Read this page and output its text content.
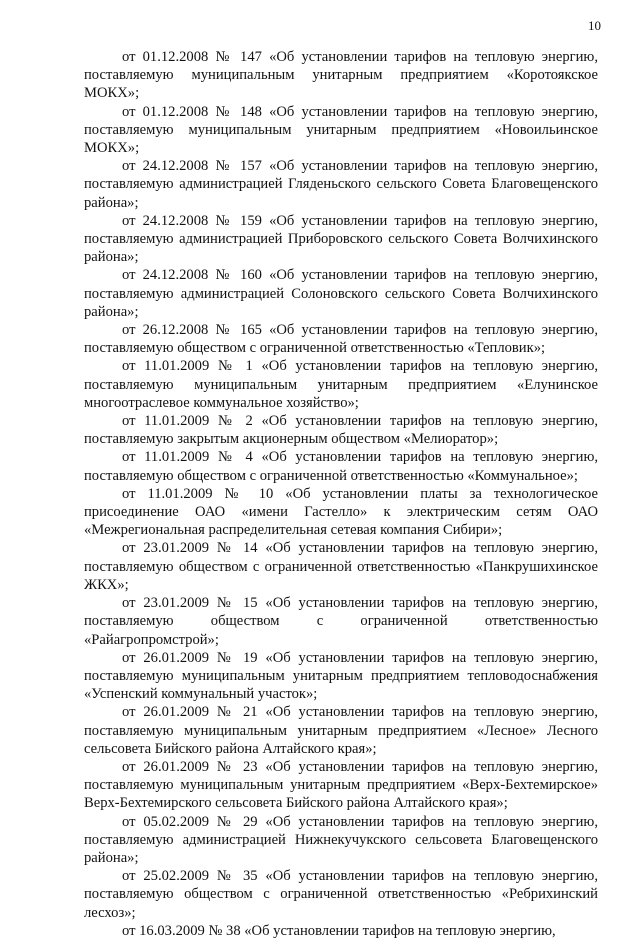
10

от 01.12.2008 № 147 «Об установлении тарифов на тепловую энергию, поставляемую муниципальным унитарным предприятием «Коротоякское МОКХ»;

от 01.12.2008 № 148 «Об установлении тарифов на тепловую энергию, поставляемую муниципальным унитарным предприятием «Новоильинское МОКХ»;

от 24.12.2008 № 157 «Об установлении тарифов на тепловую энергию, поставляемую администрацией Гляденьского сельского Совета Благовещенского района»;

от 24.12.2008 № 159 «Об установлении тарифов на тепловую энергию, поставляемую администрацией Приборовского сельского Совета Волчихинского района»;

от 24.12.2008 № 160 «Об установлении тарифов на тепловую энергию, поставляемую администрацией Солоновского сельского Совета Волчихинского района»;

от 26.12.2008 № 165 «Об установлении тарифов на тепловую энергию, поставляемую обществом с ограниченной ответственностью «Тепловик»;

от 11.01.2009 № 1 «Об установлении тарифов на тепловую энергию, поставляемую муниципальным унитарным предприятием «Елунинское многоотраслевое коммунальное хозяйство»;

от 11.01.2009 № 2 «Об установлении тарифов на тепловую энергию, поставляемую закрытым акционерным обществом «Мелиоратор»;

от 11.01.2009 № 4 «Об установлении тарифов на тепловую энергию, поставляемую обществом с ограниченной ответственностью «Коммунальное»;

от 11.01.2009 № 10 «Об установлении платы за технологическое присоединение ОАО «имени Гастелло» к электрическим сетям ОАО «Межрегиональная распределительная сетевая компания Сибири»;

от 23.01.2009 № 14 «Об установлении тарифов на тепловую энергию, поставляемую обществом с ограниченной ответственностью «Панкрушихинское ЖКХ»;

от 23.01.2009 № 15 «Об установлении тарифов на тепловую энергию, поставляемую обществом с ограниченной ответственностью «Райагропромстрой»;

от 26.01.2009 № 19 «Об установлении тарифов на тепловую энергию, поставляемую муниципальным унитарным предприятием тепловодоснабжения «Успенский коммунальный участок»;

от 26.01.2009 № 21 «Об установлении тарифов на тепловую энергию, поставляемую муниципальным унитарным предприятием «Лесное» Лесного сельсовета Бийского района Алтайского края»;

от 26.01.2009 № 23 «Об установлении тарифов на тепловую энергию, поставляемую муниципальным унитарным предприятием «Верх-Бехтемирское» Верх-Бехтемирского сельсовета Бийского района Алтайского края»;

от 05.02.2009 № 29 «Об установлении тарифов на тепловую энергию, поставляемую администрацией Нижнекучукского сельсовета Благовещенского района»;

от 25.02.2009 № 35 «Об установлении тарифов на тепловую энергию, поставляемую обществом с ограниченной ответственностью «Ребрихинский лесхоз»;

от 16.03.2009 № 38 «Об установлении тарифов на тепловую энергию,
